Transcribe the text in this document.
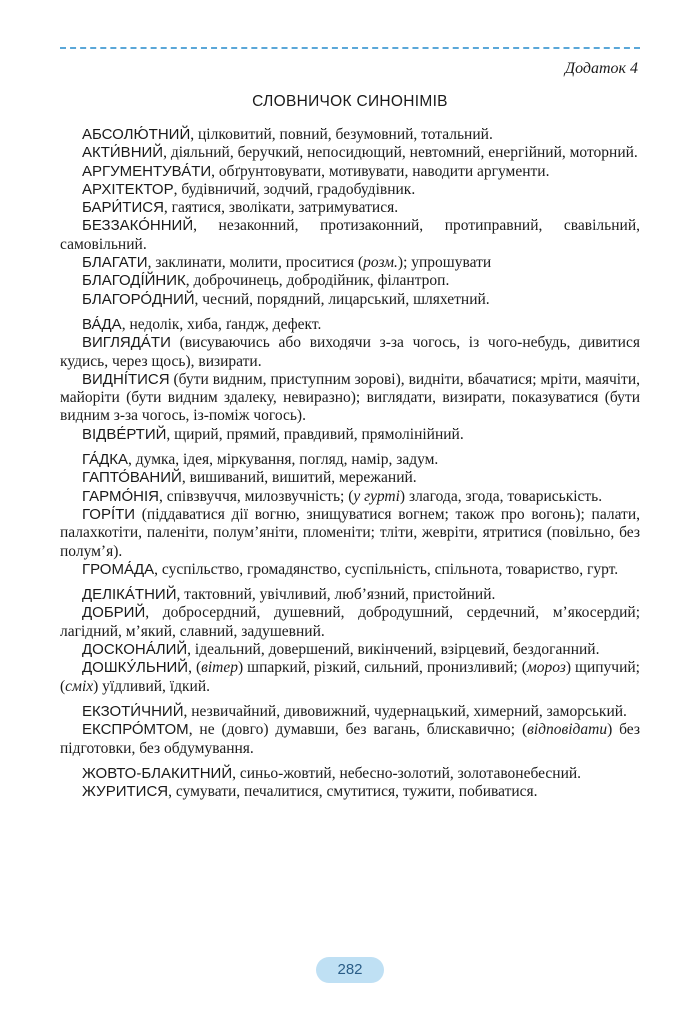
Додаток 4
СЛОВНИЧОК СИНОНІМІВ

АБСОЛЮ́ТНИЙ, цілковитий, повний, безумовний, тотальний.

АКТИ́ВНИЙ, діяльний, беручкий, непосидющий, невтомний, енергійний, моторний.

АРГУМЕНТУВА́ТИ, обґрунтовувати, мотивувати, наводити аргументи.

АРХІТЕКТОР, будівничий, зодчий, градобудівник.

БАРИ́ТИСЯ, гаятися, зволікати, затримуватися.

БЕЗЗАКО́ННИЙ, незаконний, протизаконний, протиправний, свавільний, самовільний.

БЛАГАТИ, заклинати, молити, проситися (розм.); упрошувати

БЛАГОДІ́ЙНИК, доброчинець, добродійник, філантроп.

БЛАГОРО́ДНИЙ, чесний, порядний, лицарський, шляхетний.

ВА́ДА, недолік, хиба, ґандж, дефект.

ВИГЛЯДА́ТИ (висуваючись або виходячи з-за чогось, із чого-небудь, дивитися кудись, через щось), визирати.

ВИДНІ́ТИСЯ (бути видним, приступним зорові), видніти, вбачатися; мріти, маячіти, майоріти (бути видним здалеку, невиразно); виглядати, визирати, показуватися (бути видним з-за чогось, із-поміж чогось).

ВІДВЕ́РТИЙ, щирий, прямий, правдивий, прямолінійний.

ГА́ДКА, думка, ідея, міркування, погляд, намір, задум.

ГАПТО́ВАНИЙ, вишиваний, вишитий, мережаний.

ГАРМО́НІЯ, співзвуччя, милозвучність; (у гурті) злагода, згода, товариськість.

ГОРІ́ТИ (піддаватися дії вогню, знищуватися вогнем; також про вогонь); палати, палахкотіти, паленіти, полум’яніти, пломеніти; тліти, жевріти, ятритися (повільно, без полум’я).

ГРОМА́ДА, суспільство, громадянство, суспільність, спільнота, товариство, гурт.

ДЕЛІКА́ТНИЙ, тактовний, увічливий, люб’язний, пристойний.

ДОБРИЙ, добросердний, душевний, добродушний, сердечний, м’якосердий; лагідний, м’який, славний, задушевний.

ДОСКОНА́ЛИЙ, ідеальний, довершений, викінчений, взірцевий, бездоганний.

ДОШКУ́ЛЬНИЙ, (вітер) шпаркий, різкий, сильний, пронизливий; (мороз) щипучий; (сміх) уїдливий, їдкий.

ЕКЗОТИ́ЧНИЙ, незвичайний, дивовижний, чудернацький, химерний, заморський.

ЕКСПРО́МТОМ, не (довго) думавши, без вагань, блискавично; (відповідати) без підготовки, без обдумування.

ЖОВТО-БЛАКИТНИЙ, синьо-жовтий, небесно-золотий, золотавонебесний.

ЖУРИТИСЯ, сумувати, печалитися, смутитися, тужити, побиватися.

282
